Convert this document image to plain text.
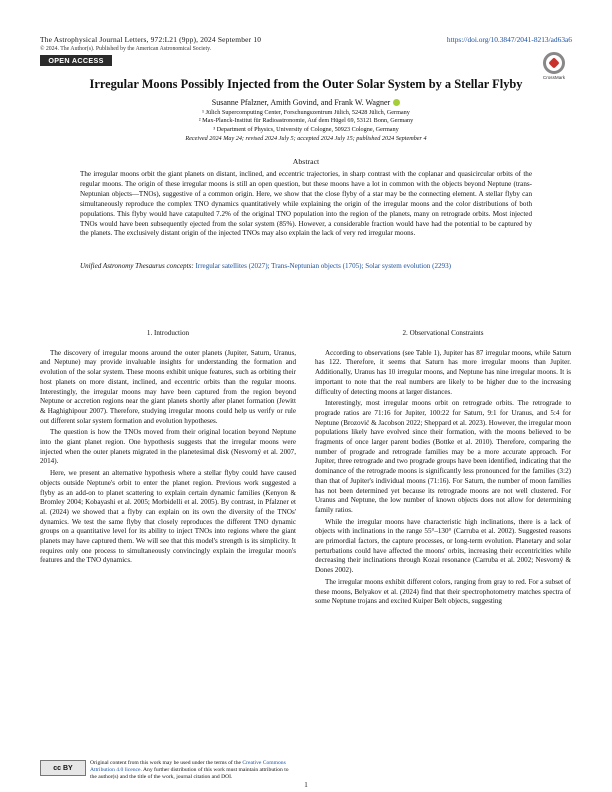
The Astrophysical Journal Letters, 972:L21 (9pp), 2024 September 10	https://doi.org/10.3847/2041-8213/ad63a6
© 2024. The Author(s). Published by the American Astronomical Society.
OPEN ACCESS
CrossMark
Irregular Moons Possibly Injected from the Outer Solar System by a Stellar Flyby
Susanne Pfalzner, Amith Govind, and Frank W. Wagner
¹ Jülich Supercomputing Center, Forschungszentrum Jülich, 52428 Jülich, Germany
² Max-Planck-Institut für Radioastronomie, Auf dem Hügel 69, 53121 Bonn, Germany
³ Department of Physics, University of Cologne, 50923 Cologne, Germany
Received 2024 May 24; revised 2024 July 5; accepted 2024 July 15; published 2024 September 4
Abstract
The irregular moons orbit the giant planets on distant, inclined, and eccentric trajectories, in sharp contrast with the coplanar and quasicircular orbits of the regular moons. The origin of these irregular moons is still an open question, but these moons have a lot in common with the objects beyond Neptune (trans-Neptunian objects—TNOs), suggestive of a common origin. Here, we show that the close flyby of a star may be the connecting element. A stellar flyby can simultaneously reproduce the complex TNO dynamics quantitatively while explaining the origin of the irregular moons and the color distributions of both populations. This flyby would have catapulted 7.2% of the original TNO population into the region of the planets, many on retrograde orbits. Most injected TNOs would have been subsequently ejected from the solar system (85%). However, a considerable fraction would have had the potential to be captured by the planets. The exclusively distant origin of the injected TNOs may also explain the lack of very red irregular moons.
Unified Astronomy Thesaurus concepts: Irregular satellites (2027); Trans-Neptunian objects (1705); Solar system evolution (2293)
1. Introduction

The discovery of irregular moons around the outer planets (Jupiter, Saturn, Uranus, and Neptune) may provide invaluable insights for understanding the formation and evolution of the solar system. These moons exhibit unique features, such as orbiting their host planets on more distant, inclined, and eccentric orbits than the regular moons. Interestingly, the irregular moons may have been captured from the region beyond Neptune or accretion regions near the giant planets shortly after planet formation (Jewitt & Haghighipour 2007). Therefore, studying irregular moons could help us verify or rule out different solar system formation and evolution hypotheses.

The question is how the TNOs moved from their original location beyond Neptune into the giant planet region. One hypothesis suggests that the irregular moons were injected when the outer planets migrated in the planetesimal disk (Nesvorný et al. 2007, 2014).

Here, we present an alternative hypothesis where a stellar flyby could have caused objects outside Neptune's orbit to enter the planet region. Previous work suggested a flyby as an add-on to planet scattering to explain certain dynamic families (Kenyon & Bromley 2004; Kobayashi et al. 2005; Morbidelli et al. 2005). By contrast, in Pfalzner et al. (2024) we showed that a flyby can explain on its own the diversity of the TNOs' dynamics. We test the same flyby that closely reproduces the different TNO dynamic groups on a quantitative level for its ability to inject TNOs into regions where the giant planets may have captured them. We will see that this model's strength is its simplicity. It requires only one process to simultaneously convincingly explain the irregular moon's features and the TNO dynamics.

2. Observational Constraints

According to observations (see Table 1), Jupiter has 87 irregular moons, while Saturn has 122. Therefore, it seems that Saturn has more irregular moons than Jupiter. Additionally, Uranus has 10 irregular moons, and Neptune has nine irregular moons. It is important to note that the real numbers are likely to be higher due to the increasing difficulty of detecting moons at larger distances.

Interestingly, most irregular moons orbit on retrograde orbits. The retrograde to prograde ratios are 71:16 for Jupiter, 100:22 for Saturn, 9:1 for Uranus, and 5:4 for Neptune (Brozović & Jacobson 2022; Sheppard et al. 2023). However, the irregular moon populations likely have evolved since their formation, with the moons believed to be fragments of once larger parent bodies (Bottke et al. 2010). Therefore, comparing the number of prograde and retrograde families may be a more accurate approach. For Jupiter, three retrograde and two prograde groups have been identified, indicating that the dominance of the retrograde moons is significantly less pronounced for the families (3:2) than that of Jupiter's individual moons (71:16). For Saturn, the number of moon families has not been determined yet because its retrograde moons are not well clustered. For Uranus and Neptune, the low number of known objects does not allow for determining family ratios.

While the irregular moons have characteristic high inclinations, there is a lack of objects with inclinations in the range 55°–130° (Carruba et al. 2002). Suggested reasons are primordial factors, the capture processes, or long-term evolution. Planetary and solar perturbations could have affected the moons' orbits, increasing their eccentricities while decreasing their inclinations through Kozai resonance (Carruba et al. 2002; Nesvorný & Dones 2002).

The irregular moons exhibit different colors, ranging from gray to red. For a subset of these moons, Belyakov et al. (2024) find that their spectrophotometry matches spectra of some Neptune trojans and excited Kuiper Belt objects, suggesting

cc BY
Original content from this work may be used under the terms of the Creative Commons Attribution 4.0 licence. Any further distribution of this work must maintain attribution to the author(s) and the title of the work, journal citation and DOI.
1
